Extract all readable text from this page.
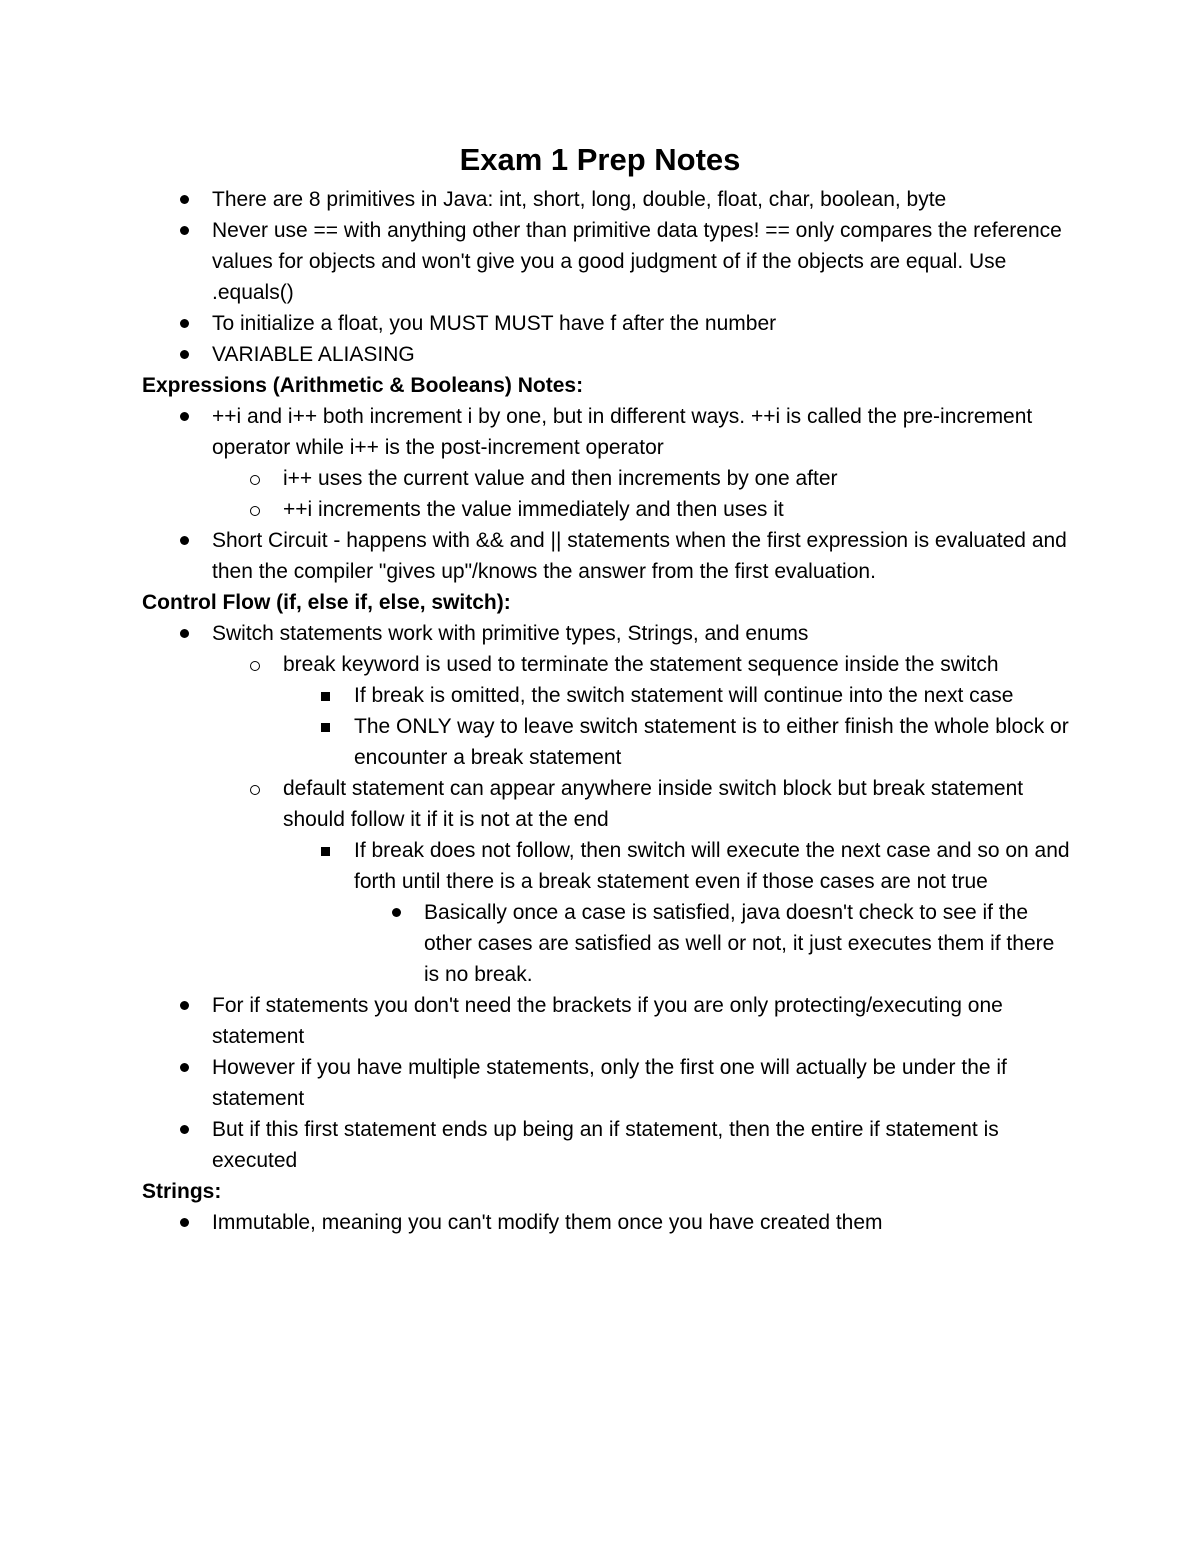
Exam 1 Prep Notes
There are 8 primitives in Java: int, short, long, double, float, char, boolean, byte
Never use == with anything other than primitive data types! == only compares the reference values for objects and won't give you a good judgment of if the objects are equal. Use .equals()
To initialize a float, you MUST MUST have f after the number
VARIABLE ALIASING
Expressions (Arithmetic & Booleans) Notes:
++i and i++ both increment i by one, but in different ways. ++i is called the pre-increment operator while i++ is the post-increment operator
i++ uses the current value and then increments by one after
++i increments the value immediately and then uses it
Short Circuit - happens with && and || statements when the first expression is evaluated and then the compiler "gives up"/knows the answer from the first evaluation.
Control Flow (if, else if, else, switch):
Switch statements work with primitive types, Strings, and enums
break keyword is used to terminate the statement sequence inside the switch
If break is omitted, the switch statement will continue into the next case
The ONLY way to leave switch statement is to either finish the whole block or encounter a break statement
default statement can appear anywhere inside switch block but break statement should follow it if it is not at the end
If break does not follow, then switch will execute the next case and so on and forth until there is a break statement even if those cases are not true
Basically once a case is satisfied, java doesn't check to see if the other cases are satisfied as well or not, it just executes them if there is no break.
For if statements you don't need the brackets if you are only protecting/executing one statement
However if you have multiple statements, only the first one will actually be under the if statement
But if this first statement ends up being an if statement, then the entire if statement is executed
Strings:
Immutable, meaning you can't modify them once you have created them
